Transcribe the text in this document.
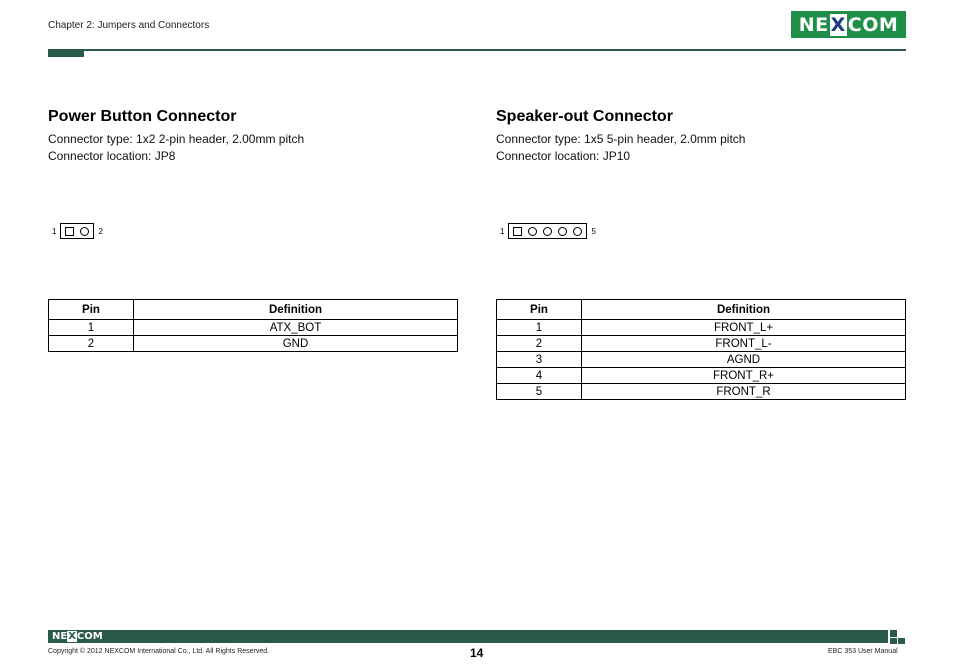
Chapter 2: Jumpers and Connectors	NE X COM
Power Button Connector
Connector type: 1x2 2-pin header, 2.00mm pitch
Connector location: JP8
1	2
Pin	Definition
1	ATX_BOT
2	GND
Speaker-out Connector
Connector type: 1x5 5-pin header, 2.0mm pitch
Connector location: JP10
1	5
Pin	Definition
1	FRONT_L+
2	FRONT_L-
3	AGND
4	FRONT_R+
5	FRONT_R
NEXCOM
Copyright © 2012 NEXCOM International Co., Ltd. All Rights Reserved.	14	EBC 353 User Manual
